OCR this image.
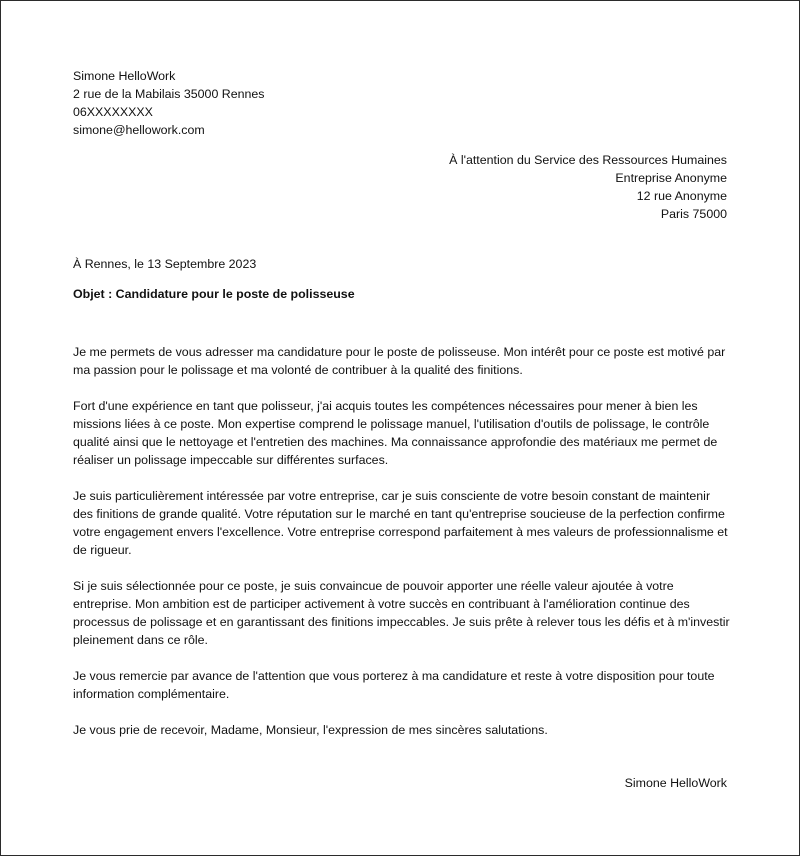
Simone HelloWork
2 rue de la Mabilais 35000 Rennes
06XXXXXXXX
simone@hellowork.com
À l'attention du Service des Ressources Humaines
Entreprise Anonyme
12 rue Anonyme
Paris 75000
À Rennes, le 13 Septembre 2023
Objet : Candidature pour le poste de polisseuse

Je me permets de vous adresser ma candidature pour le poste de polisseuse. Mon intérêt pour ce poste est motivé par ma passion pour le polissage et ma volonté de contribuer à la qualité des finitions.

Fort d'une expérience en tant que polisseur, j'ai acquis toutes les compétences nécessaires pour mener à bien les missions liées à ce poste. Mon expertise comprend le polissage manuel, l'utilisation d'outils de polissage, le contrôle qualité ainsi que le nettoyage et l'entretien des machines. Ma connaissance approfondie des matériaux me permet de réaliser un polissage impeccable sur différentes surfaces.

Je suis particulièrement intéressée par votre entreprise, car je suis consciente de votre besoin constant de maintenir des finitions de grande qualité. Votre réputation sur le marché en tant qu'entreprise soucieuse de la perfection confirme votre engagement envers l'excellence. Votre entreprise correspond parfaitement à mes valeurs de professionnalisme et de rigueur.

Si je suis sélectionnée pour ce poste, je suis convaincue de pouvoir apporter une réelle valeur ajoutée à votre entreprise. Mon ambition est de participer activement à votre succès en contribuant à l'amélioration continue des processus de polissage et en garantissant des finitions impeccables. Je suis prête à relever tous les défis et à m'investir pleinement dans ce rôle.

Je vous remercie par avance de l'attention que vous porterez à ma candidature et reste à votre disposition pour toute information complémentaire.

Je vous prie de recevoir, Madame, Monsieur, l'expression de mes sincères salutations.

Simone HelloWork
